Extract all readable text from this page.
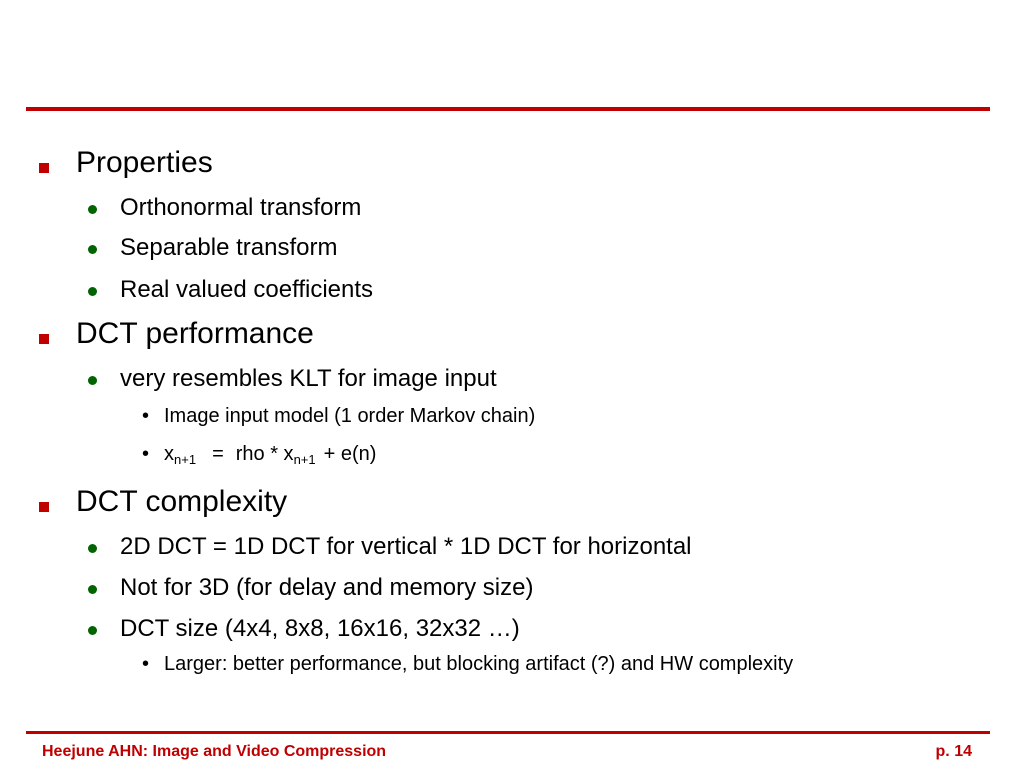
Properties
Orthonormal transform
Separable transform
Real valued coefficients
DCT performance
very resembles KLT for image input
• Image input model (1 order Markov chain)
• $x_{n+1}$ = rho * $x_{n+1} + e(n)$
DCT complexity
2D DCT = 1D DCT for vertical * 1D DCT for horizontal
Not for 3D (for delay and memory size)
DCT size (4x4, 8x8, 16x16, 32x32 …)
• Larger: better performance, but blocking artifact (?) and HW complexity
Heejune AHN: Image and Video Compression	p. 14
